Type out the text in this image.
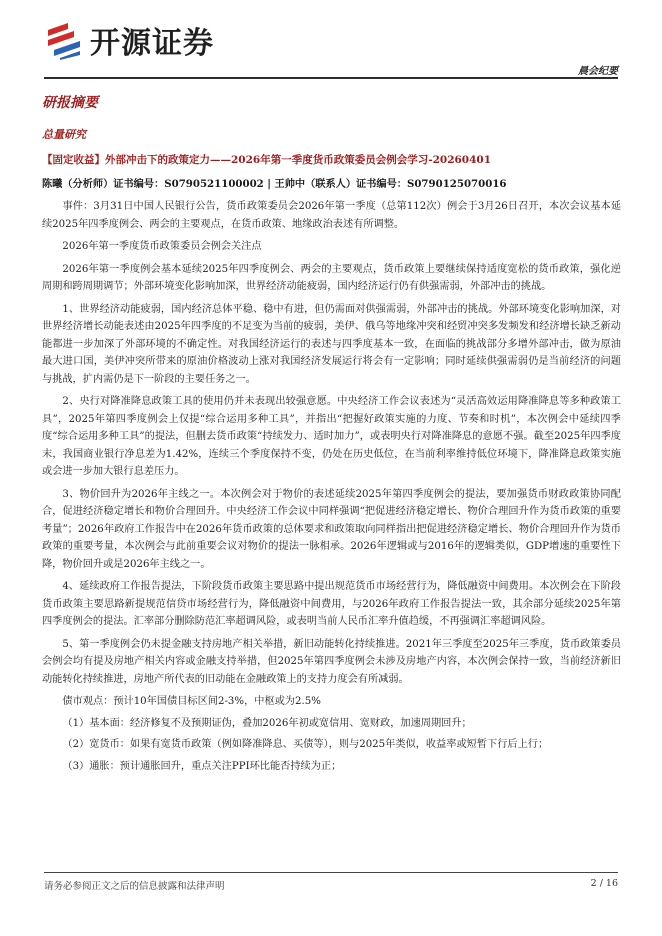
开源证券
晨会纪要
研报摘要
总量研究
【固定收益】外部冲击下的政策定力——2026年第一季度货币政策委员会例会学习-20260401
陈曦（分析师）证书编号：S0790521100002 | 王帅中（联系人）证书编号：S0790125070016

事件：3月31日中国人民银行公告，货币政策委员会2026年第一季度（总第112次）例会于3月26日召开，本次会议基本延续2025年四季度例会、两会的主要观点，在货币政策、地缘政治表述有所调整。

2026年第一季度货币政策委员会例会关注点

2026年第一季度例会基本延续2025年四季度例会、两会的主要观点，货币政策上要继续保持适度宽松的货币政策，强化逆周期和跨周期调节；外部环境变化影响加深，世界经济动能疲弱，国内经济运行仍有供强需弱，外部冲击的挑战。

1、世界经济动能疲弱，国内经济总体平稳、稳中有进，但仍需面对供强需弱，外部冲击的挑战。外部环境变化影响加深，对世界经济增长动能表述由2025年四季度的不足变为当前的疲弱，美伊、俄乌等地缘冲突和经贸冲突多发频发和经济增长缺乏新动能都进一步加深了外部环境的不确定性。对我国经济运行的表述与四季度基本一致，在面临的挑战部分多增外部冲击，做为原油最大进口国，美伊冲突所带来的原油价格波动上涨对我国经济发展运行将会有一定影响；同时延续供强需弱仍是当前经济的问题与挑战，扩内需仍是下一阶段的主要任务之一。

2、央行对降准降息政策工具的使用仍并未表现出较强意愿。中央经济工作会议表述为“灵活高效运用降准降息等多种政策工具”，2025年第四季度例会上仅提“综合运用多种工具”，并指出“把握好政策实施的力度、节奏和时机”，本次例会中延续四季度“综合运用多种工具”的提法，但删去货币政策“持续发力、适时加力”，或表明央行对降准降息的意愿不强。截至2025年四季度末，我国商业银行净息差为1.42%，连续三个季度保持不变，仍处在历史低位，在当前利率维持低位环境下，降准降息政策实施或会进一步加大银行息差压力。

3、物价回升为2026年主线之一。本次例会对于物价的表述延续2025年第四季度例会的提法，要加强货币财政政策协同配合，促进经济稳定增长和物价合理回升。中央经济工作会议中同样强调“把促进经济稳定增长、物价合理回升作为货币政策的重要考量”；2026年政府工作报告中在2026年货币政策的总体要求和政策取向同样指出把促进经济稳定增长、物价合理回升作为货币政策的重要考量，本次例会与此前重要会议对物价的提法一脉相承。2026年逻辑或与2016年的逻辑类似，GDP增速的重要性下降，物价回升或是2026年主线之一。

4、延续政府工作报告提法，下阶段货币政策主要思路中提出规范货币市场经营行为，降低融资中间费用。本次例会在下阶段货币政策主要思路新提规范信贷市场经营行为，降低融资中间费用，与2026年政府工作报告提法一致，其余部分延续2025年第四季度例会的提法。汇率部分删除防范汇率超调风险，或表明当前人民币汇率升值趋缓，不再强调汇率超调风险。

5、第一季度例会仍未提金融支持房地产相关举措，新旧动能转化持续推进。2021年三季度至2025年三季度，货币政策委员会例会均有提及房地产相关内容或金融支持举措，但2025年第四季度例会未涉及房地产内容，本次例会保持一致，当前经济新旧动能转化持续推进，房地产所代表的旧动能在金融政策上的支持力度会有所减弱。

债市观点：预计10年国债目标区间2-3%，中枢或为2.5%

（1）基本面：经济修复不及预期证伪，叠加2026年初或宽信用、宽财政，加速周期回升；

（2）宽货币：如果有宽货币政策（例如降准降息、买债等），则与2025年类似，收益率或短暂下行后上行；

（3）通胀：预计通胀回升，重点关注PPI环比能否持续为正；

请务必参阅正文之后的信息披露和法律声明	2 / 16
